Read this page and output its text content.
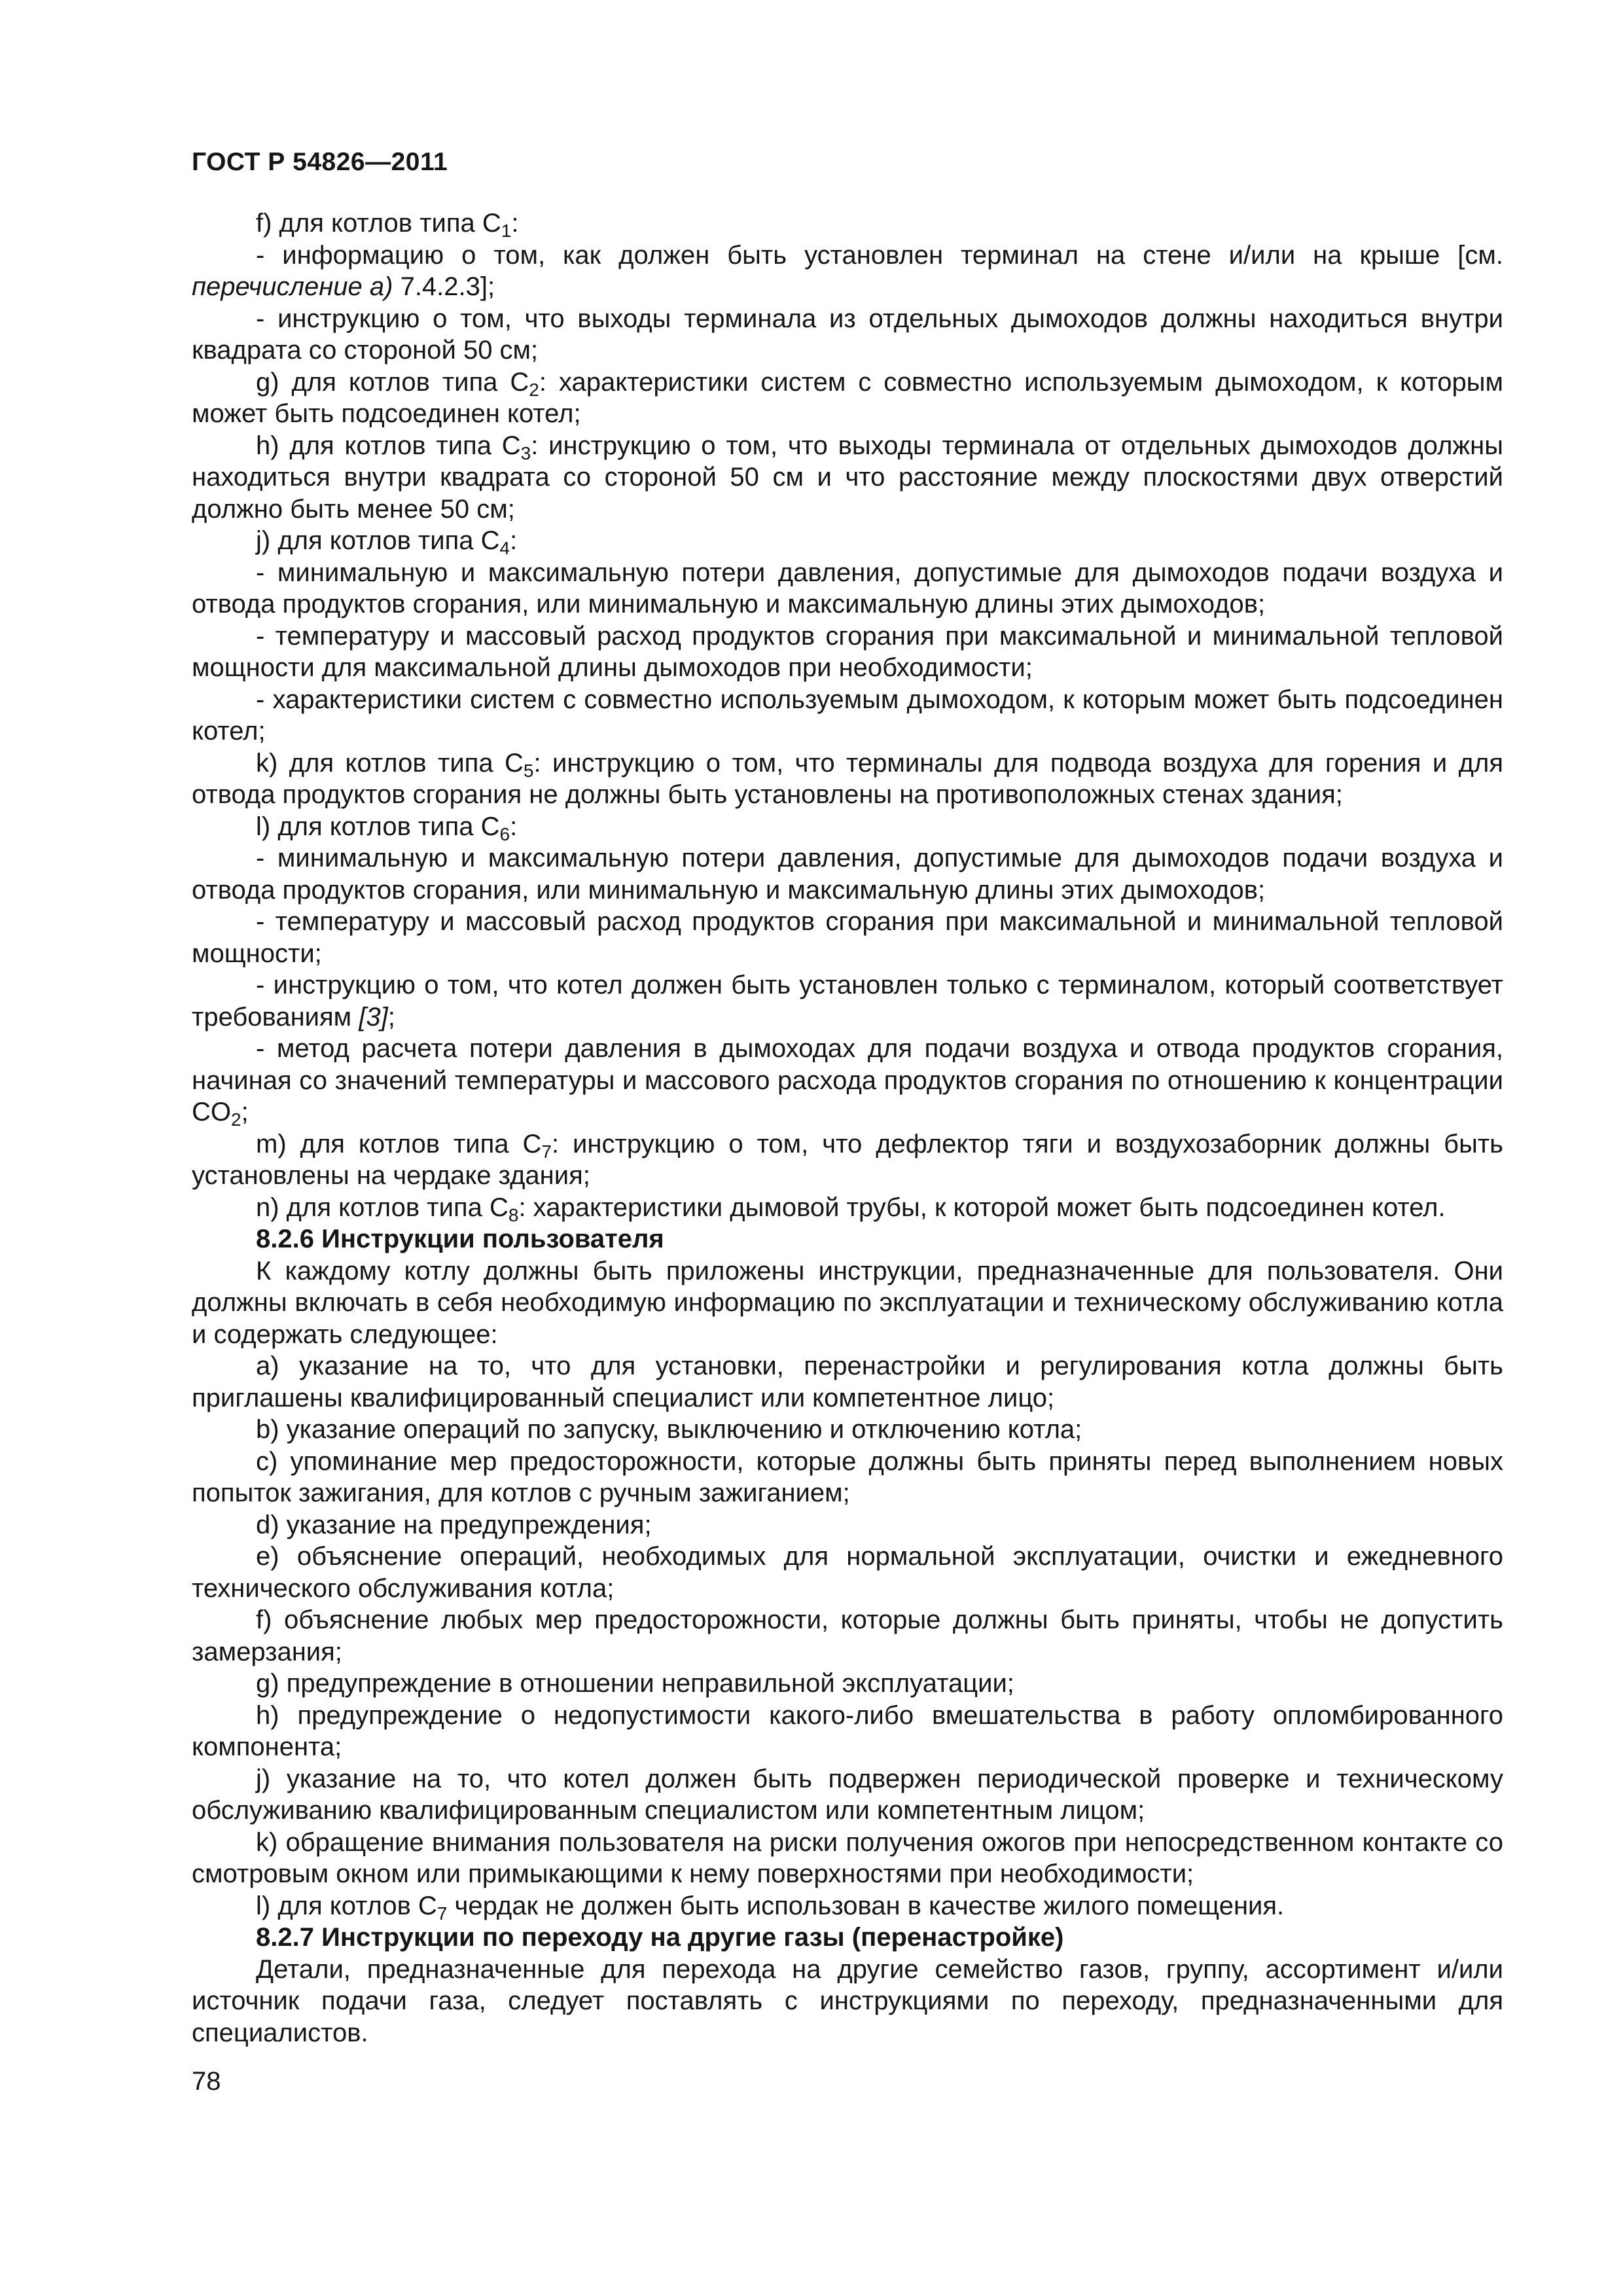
ГОСТ Р 54826—2011

f) для котлов типа $C_1$:

- информацию о том, как должен быть установлен терминал на стене и/или на крыше [см. перечисление а) 7.4.2.3];

- инструкцию о том, что выходы терминала из отдельных дымоходов должны находиться внутри квадрата со стороной 50 см;

g) для котлов типа $C_2$: характеристики систем с совместно используемым дымоходом, к которым может быть подсоединен котел;

h) для котлов типа $C_3$: инструкцию о том, что выходы терминала от отдельных дымоходов должны находиться внутри квадрата со стороной 50 см и что расстояние между плоскостями двух отверстий должно быть менее 50 см;

j) для котлов типа $C_4$:

- минимальную и максимальную потери давления, допустимые для дымоходов подачи воздуха и отвода продуктов сгорания, или минимальную и максимальную длины этих дымоходов;

- температуру и массовый расход продуктов сгорания при максимальной и минимальной тепловой мощности для максимальной длины дымоходов при необходимости;

- характеристики систем с совместно используемым дымоходом, к которым может быть подсоединен котел;

k) для котлов типа $C_5$: инструкцию о том, что терминалы для подвода воздуха для горения и для отвода продуктов сгорания не должны быть установлены на противоположных стенах здания;

l) для котлов типа $C_6$:

- минимальную и максимальную потери давления, допустимые для дымоходов подачи воздуха и отвода продуктов сгорания, или минимальную и максимальную длины этих дымоходов;

- температуру и массовый расход продуктов сгорания при максимальной и минимальной тепловой мощности;

- инструкцию о том, что котел должен быть установлен только с терминалом, который соответствует требованиям [3];

- метод расчета потери давления в дымоходах для подачи воздуха и отвода продуктов сгорания, начиная со значений температуры и массового расхода продуктов сгорания по отношению к концентрации $CO_2$;

m) для котлов типа $C_7$: инструкцию о том, что дефлектор тяги и воздухозаборник должны быть установлены на чердаке здания;

n) для котлов типа $C_8$: характеристики дымовой трубы, к которой может быть подсоединен котел.

8.2.6 Инструкции пользователя

К каждому котлу должны быть приложены инструкции, предназначенные для пользователя. Они должны включать в себя необходимую информацию по эксплуатации и техническому обслуживанию котла и содержать следующее:

a) указание на то, что для установки, перенастройки и регулирования котла должны быть приглашены квалифицированный специалист или компетентное лицо;

b) указание операций по запуску, выключению и отключению котла;

c) упоминание мер предосторожности, которые должны быть приняты перед выполнением новых попыток зажигания, для котлов с ручным зажиганием;

d) указание на предупреждения;

e) объяснение операций, необходимых для нормальной эксплуатации, очистки и ежедневного технического обслуживания котла;

f) объяснение любых мер предосторожности, которые должны быть приняты, чтобы не допустить замерзания;

g) предупреждение в отношении неправильной эксплуатации;

h) предупреждение о недопустимости какого-либо вмешательства в работу опломбированного компонента;

j) указание на то, что котел должен быть подвержен периодической проверке и техническому обслуживанию квалифицированным специалистом или компетентным лицом;

k) обращение внимания пользователя на риски получения ожогов при непосредственном контакте со смотровым окном или примыкающими к нему поверхностями при необходимости;

l) для котлов $C_7$ чердак не должен быть использован в качестве жилого помещения.

8.2.7 Инструкции по переходу на другие газы (перенастройке)

Детали, предназначенные для перехода на другие семейство газов, группу, ассортимент и/или источник подачи газа, следует поставлять с инструкциями по переходу, предназначенными для специалистов.

78
